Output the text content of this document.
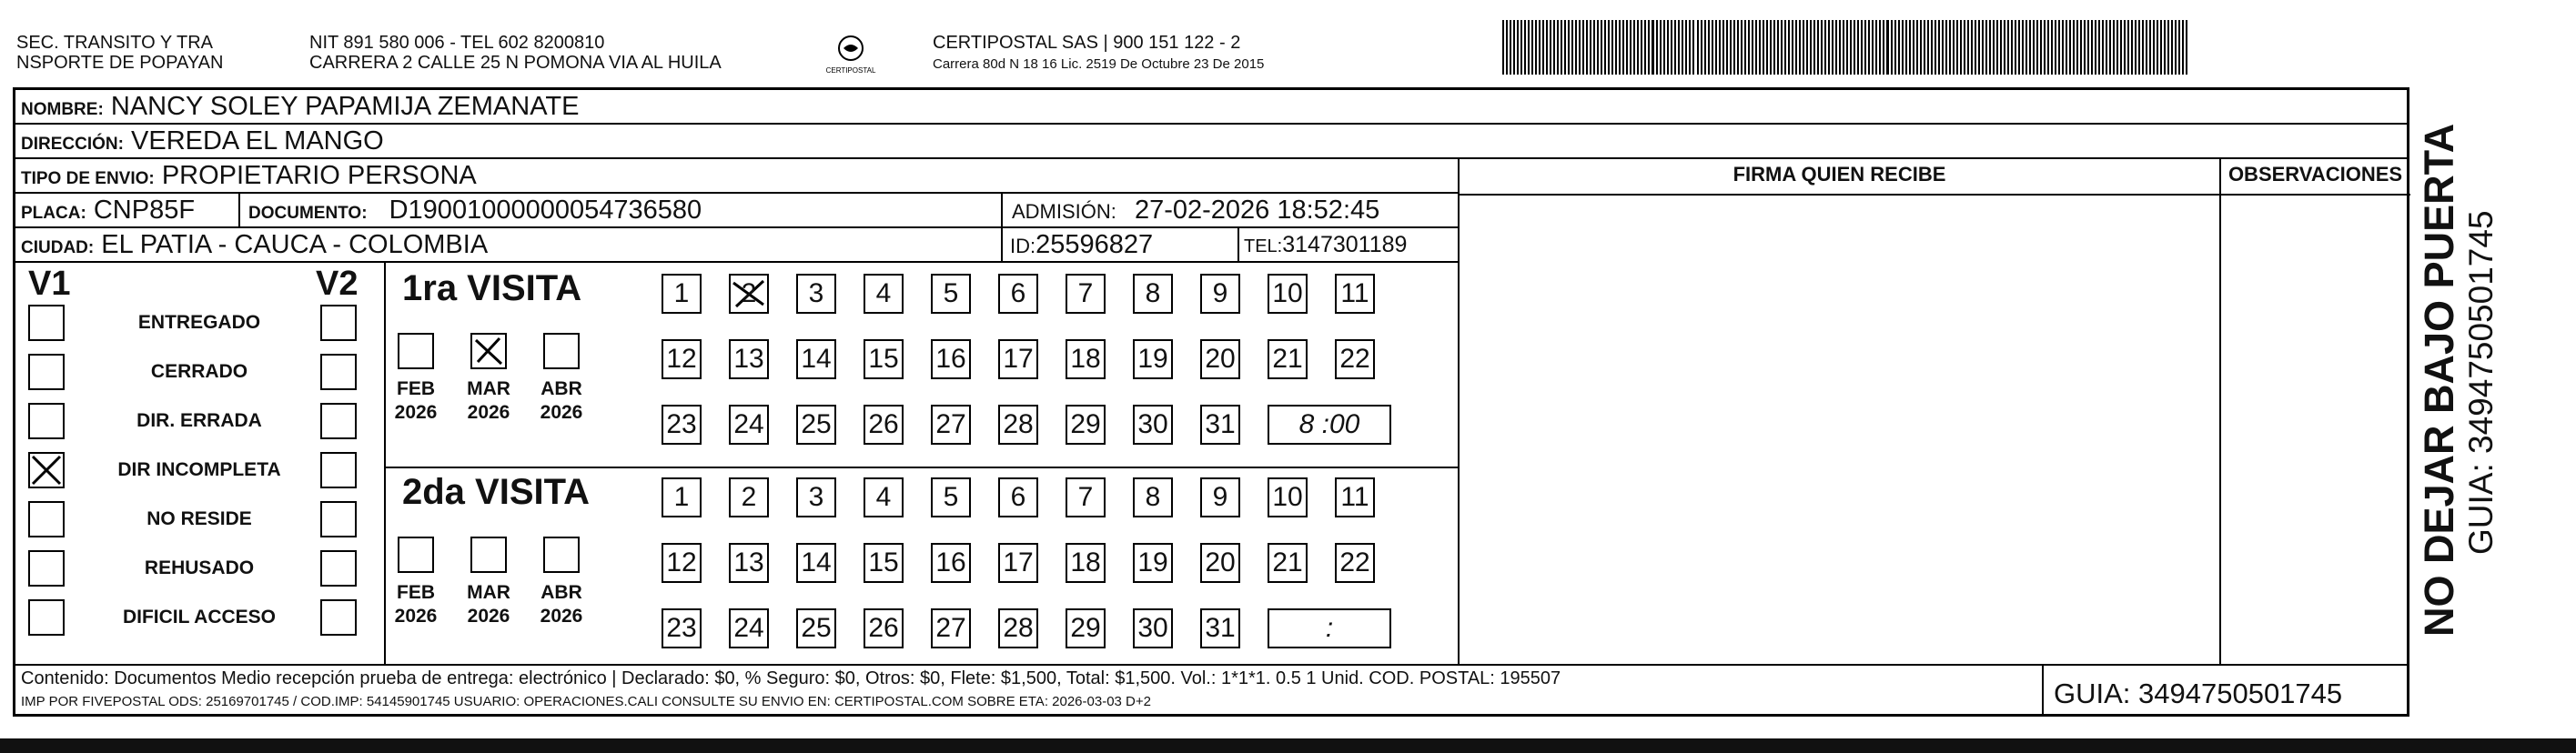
SEC. TRANSITO Y TRA
NSPORTE DE POPAYAN
NIT 891 580 006 - TEL 602 8200810
CARRERA 2 CALLE 25 N POMONA VIA AL HUILA	CERTIPOSTAL
CERTIPOSTAL SAS | 900 151 122 - 2
Carrera 80d N 18 16 Lic. 2519 De Octubre 23 De 2015
NOMBRE: NANCY SOLEY PAPAMIJA ZEMANATE
DIRECCIÓN: VEREDA EL MANGO
TIPO DE ENVIO: PROPIETARIO PERSONA
PLACA: CNP85F	DOCUMENTO: D19001000000054736580	ADMISIÓN: 27-02-2026 18:52:45
CIUDAD: EL PATIA - CAUCA - COLOMBIA	ID:25596827	TEL:3147301189
FIRMA QUIEN RECIBE	OBSERVACIONES
V1	V2
ENTREGADO
CERRADO
DIR. ERRADA
DIR INCOMPLETA
NO RESIDE
REHUSADO
DIFICIL ACCESO
1ra VISITA
2da VISITA
FEB
2026
MAR
2026
ABR
2026
1	2	3	4	5	6	7	8	9	10 11
12 13 14 15 16 17 18 19 20 21 22
23 24 25 26 27 28 29 30 31	8 :00
FEB
2026
MAR
2026
ABR
2026
1	2	3	4	5	6	7	8	9	10 11
12 13 14 15 16 17 18 19 20 21 22
23 24 25 26 27 28 29 30 31	:
Contenido: Documentos Medio recepción prueba de entrega: electrónico | Declarado: $0, % Seguro: $0, Otros: $0, Flete: $1,500, Total: $1,500. Vol.: 1*1*1. 0.5 1 Unid. COD. POSTAL: 195507
IMP POR FIVEPOSTAL ODS: 25169701745 / COD.IMP: 54145901745 USUARIO: OPERACIONES.CALI CONSULTE SU ENVIO EN: CERTIPOSTAL.COM SOBRE ETA: 2026-03-03 D+2	GUIA: 3494750501745
NO DEJAR BAJO PUERTA GUIA: 3494750501745
